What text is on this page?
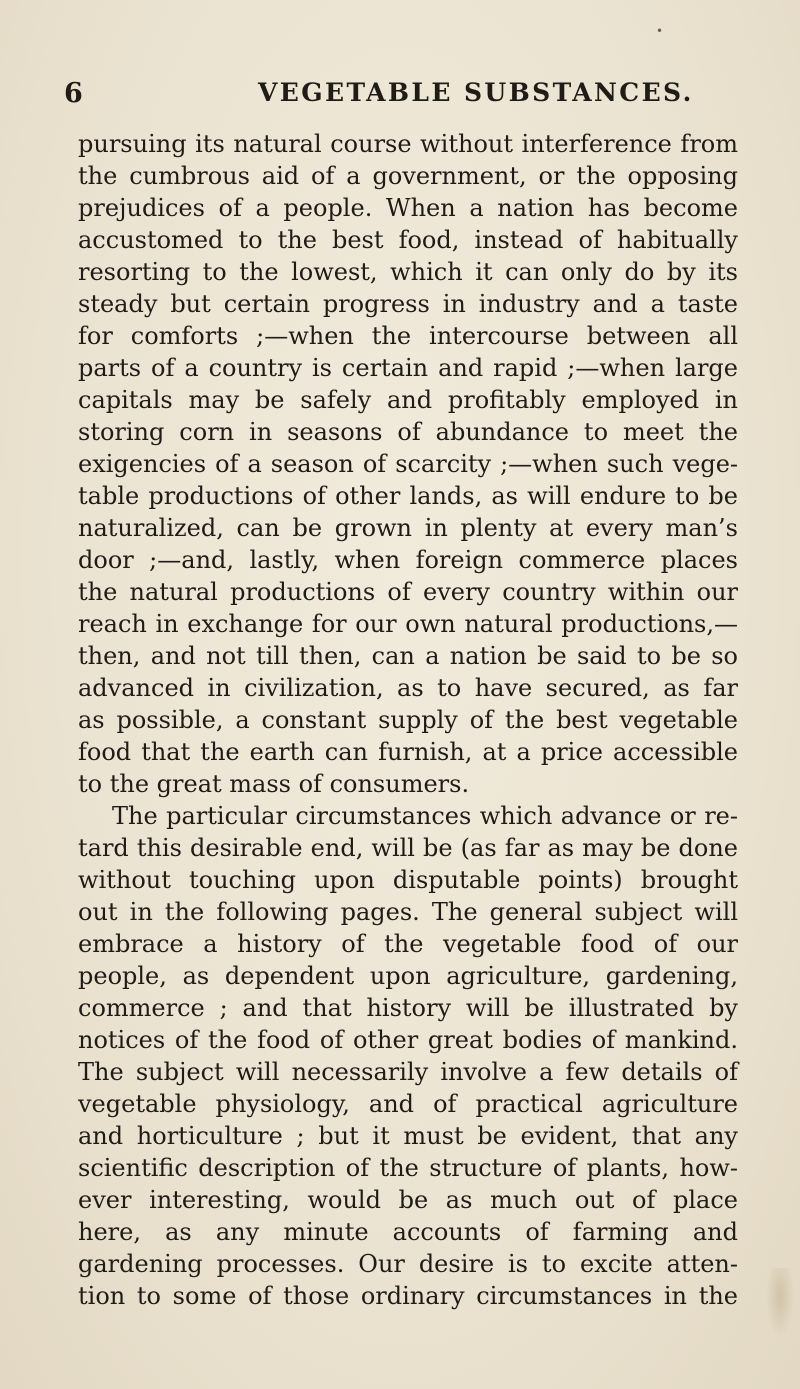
•
6	VEGETABLE SUBSTANCES.
pursuing its natural course without interference from
the cumbrous aid of a government, or the opposing
prejudices of a people. When a nation has become
accustomed to the best food, instead of habitually
resorting to the lowest, which it can only do by its
steady but certain progress in industry and a taste
for comforts ;—when the intercourse between all
parts of a country is certain and rapid ;—when large
capitals may be safely and profitably employed in
storing corn in seasons of abundance to meet the
exigencies of a season of scarcity ;—when such vege-
table productions of other lands, as will endure to be
naturalized, can be grown in plenty at every man’s
door ;—and, lastly, when foreign commerce places
the natural productions of every country within our
reach in exchange for our own natural productions,—
then, and not till then, can a nation be said to be so
advanced in civilization, as to have secured, as far
as possible, a constant supply of the best vegetable
food that the earth can furnish, at a price accessible
to the great mass of consumers.
The particular circumstances which advance or re-
tard this desirable end, will be (as far as may be done
without touching upon disputable points) brought
out in the following pages. The general subject will
embrace a history of the vegetable food of our
people, as dependent upon agriculture, gardening,
commerce ; and that history will be illustrated by
notices of the food of other great bodies of mankind.
The subject will necessarily involve a few details of
vegetable physiology, and of practical agriculture
and horticulture ; but it must be evident, that any
scientific description of the structure of plants, how-
ever interesting, would be as much out of place
here, as any minute accounts of farming and
gardening processes. Our desire is to excite atten-
tion to some of those ordinary circumstances in the
